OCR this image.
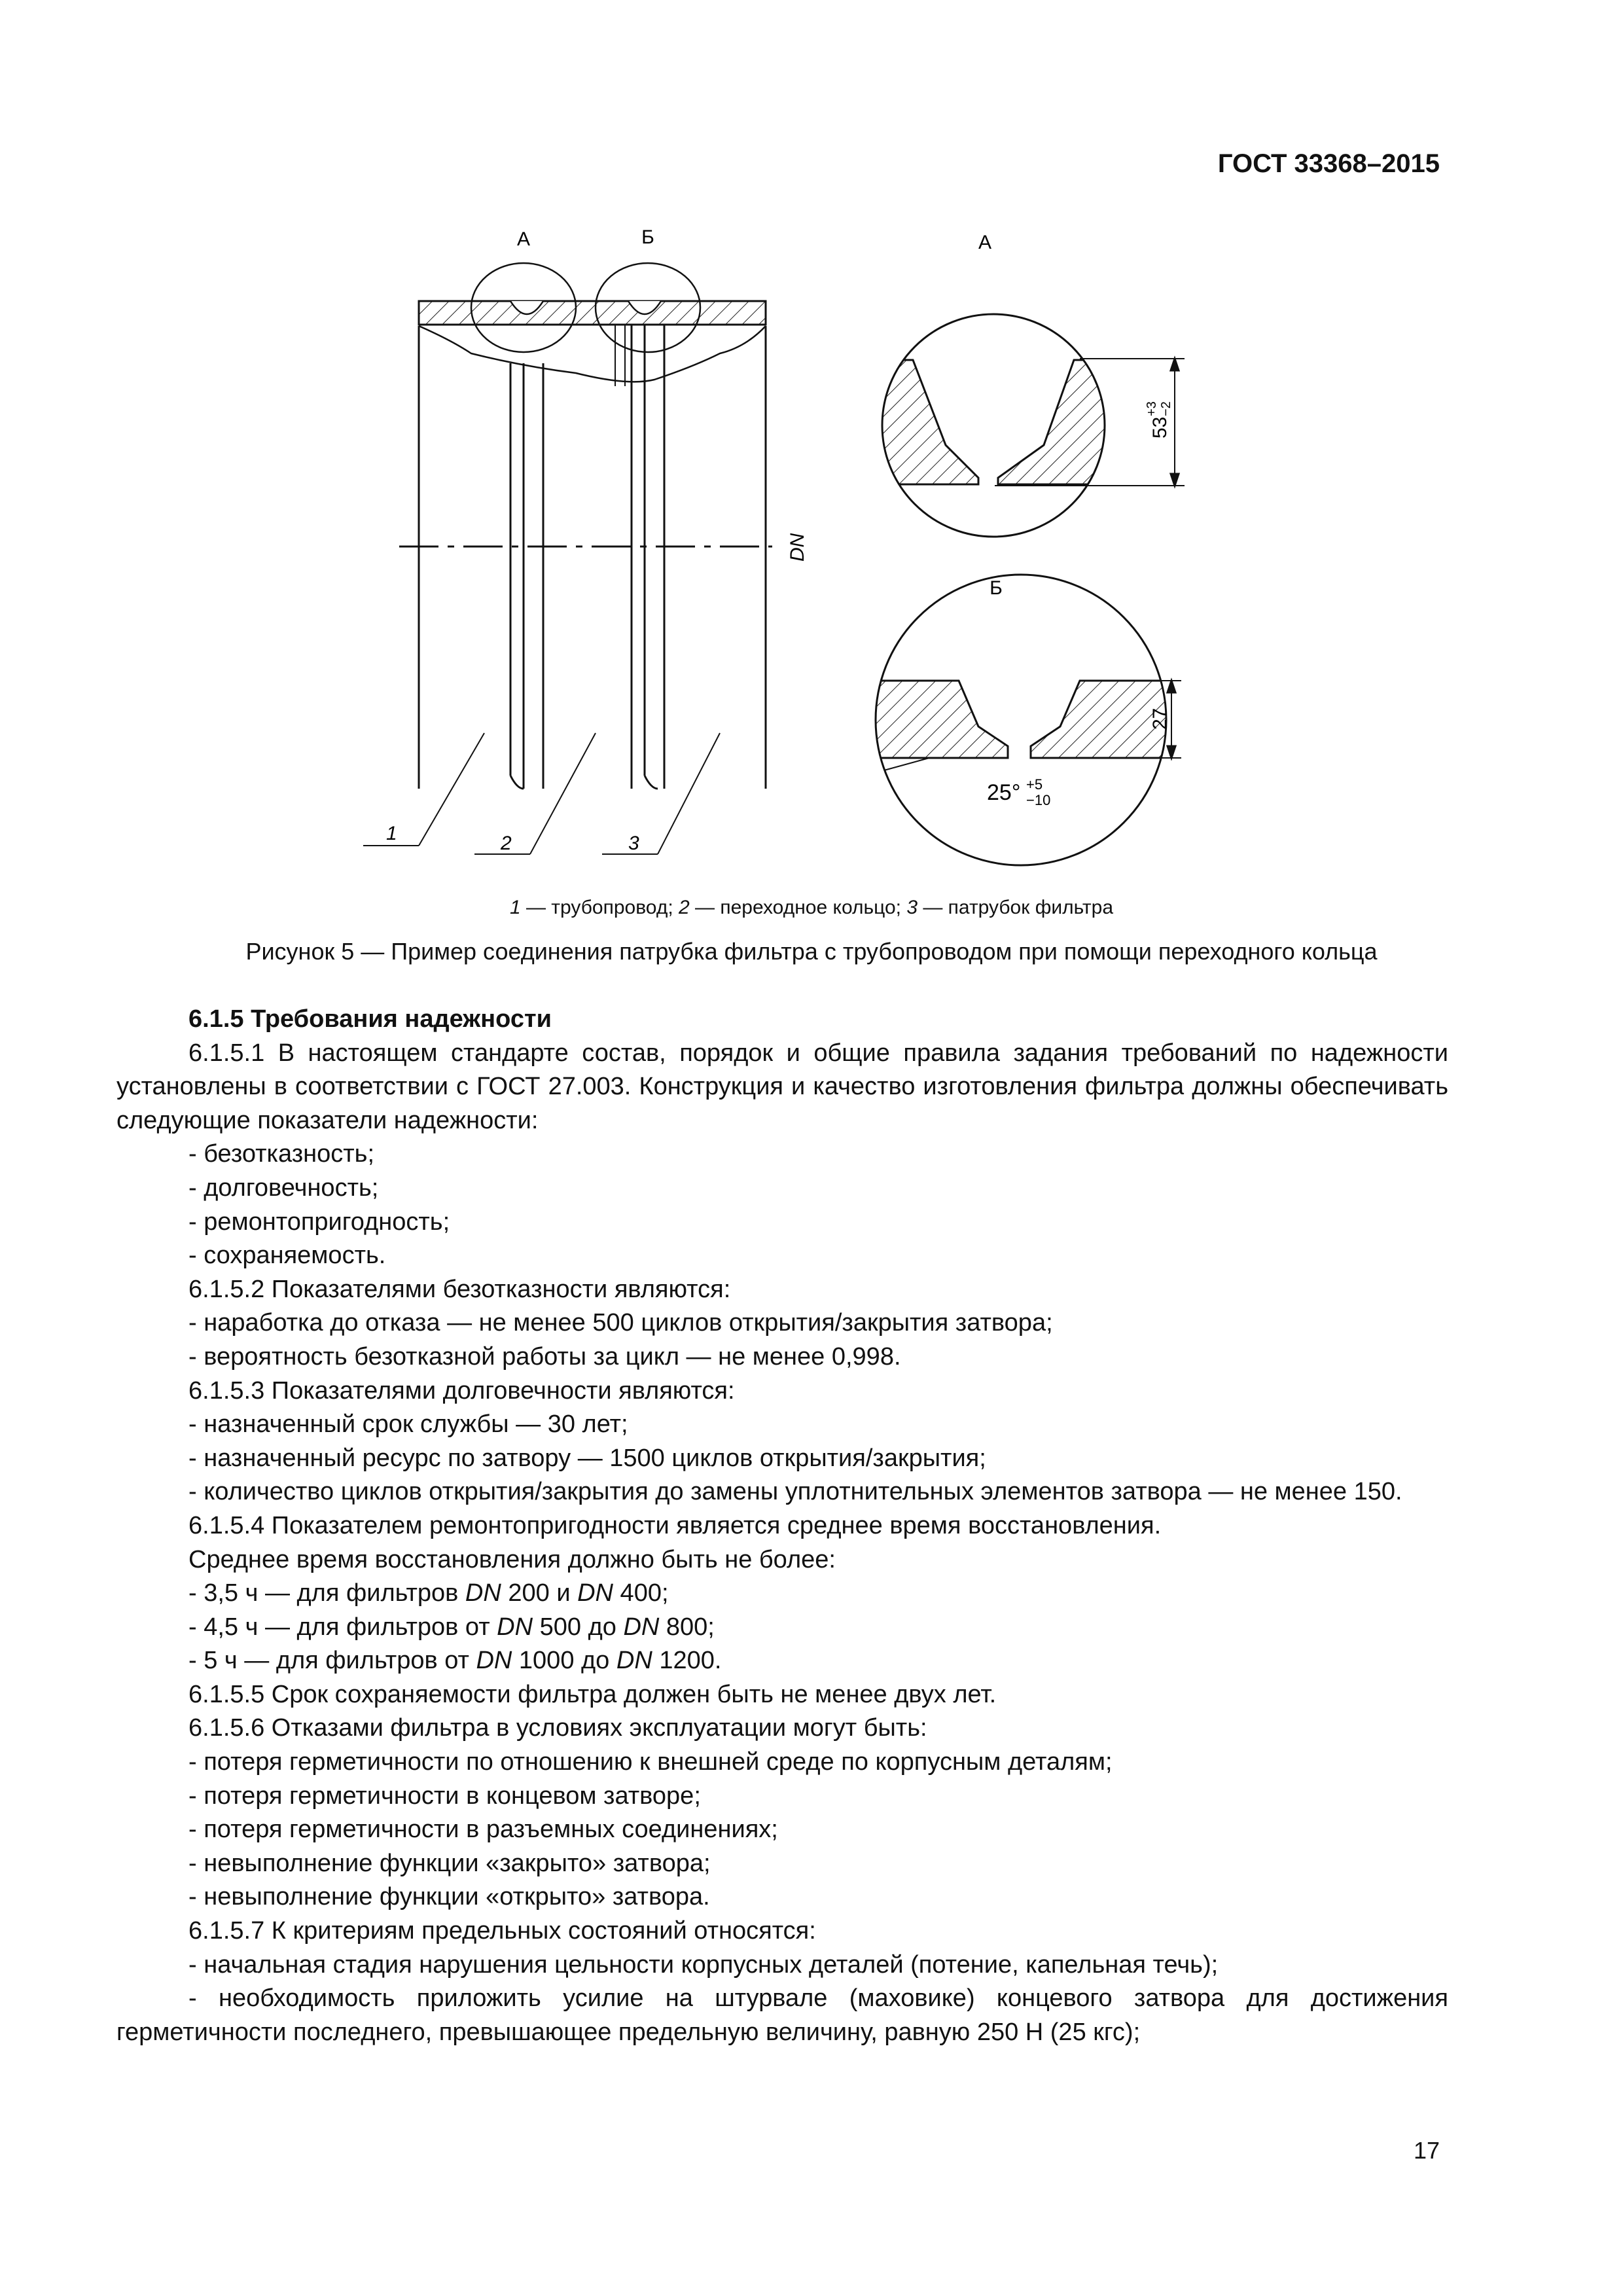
ГОСТ 33368–2015
А	Б
DN
1	2	3
А
53
+3 −2
Б
27
25° +5
−10
1 — трубопровод; 2 — переходное кольцо; 3 — патрубок фильтра
Рисунок 5 — Пример соединения патрубка фильтра с трубопроводом при помощи переходного кольца

6.1.5 Требования надежности

6.1.5.1 В настоящем стандарте состав, порядок и общие правила задания требований по надежности установлены в соответствии с ГОСТ 27.003. Конструкция и качество изготовления фильтра должны обеспечивать следующие показатели надежности:

- безотказность;

- долговечность;

- ремонтопригодность;

- сохраняемость.

6.1.5.2 Показателями безотказности являются:

- наработка до отказа — не менее 500 циклов открытия/закрытия затвора;

- вероятность безотказной работы за цикл — не менее 0,998.

6.1.5.3 Показателями долговечности являются:

- назначенный срок службы — 30 лет;

- назначенный ресурс по затвору — 1500 циклов открытия/закрытия;

- количество циклов открытия/закрытия до замены уплотнительных элементов затвора — не менее 150.

6.1.5.4 Показателем ремонтопригодности является среднее время восстановления.

Среднее время восстановления должно быть не более:

- 3,5 ч — для фильтров DN 200 и DN 400;

- 4,5 ч — для фильтров от DN 500 до DN 800;

- 5 ч — для фильтров от DN 1000 до DN 1200.

6.1.5.5 Срок сохраняемости фильтра должен быть не менее двух лет.

6.1.5.6 Отказами фильтра в условиях эксплуатации могут быть:

- потеря герметичности по отношению к внешней среде по корпусным деталям;

- потеря герметичности в концевом затворе;

- потеря герметичности в разъемных соединениях;

- невыполнение функции «закрыто» затвора;

- невыполнение функции «открыто» затвора.

6.1.5.7 К критериям предельных состояний относятся:

- начальная стадия нарушения цельности корпусных деталей (потение, капельная течь);

- необходимость приложить усилие на штурвале (маховике) концевого затвора для достижения герметичности последнего, превышающее предельную величину, равную 250 Н (25 кгс);

17
